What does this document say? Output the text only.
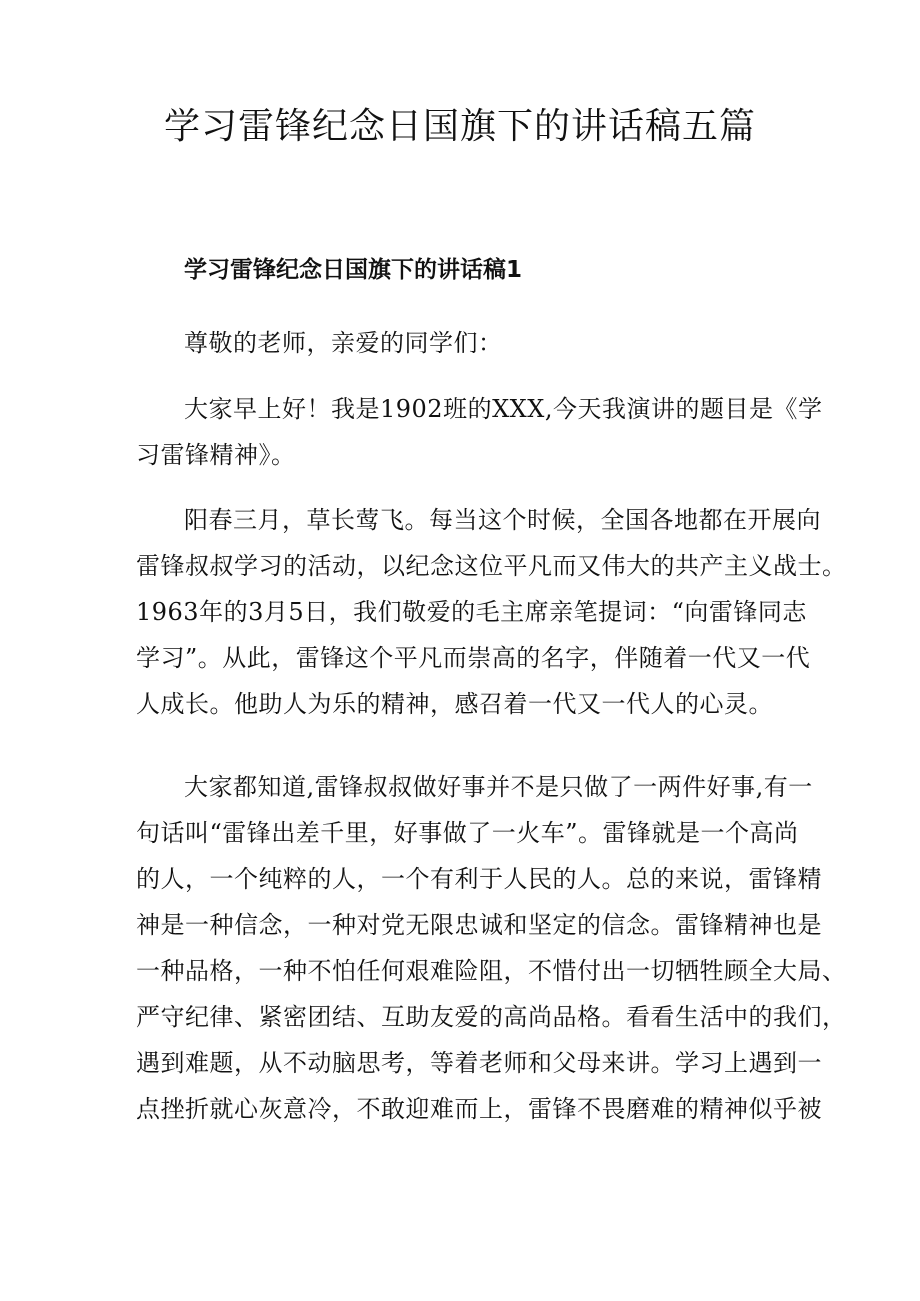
学习雷锋纪念日国旗下的讲话稿五篇
学习雷锋纪念日国旗下的讲话稿1

尊敬的老师，亲爱的同学们：

大家早上好！我是1902班的XXX,今天我演讲的题目是《学
习雷锋精神》。

阳春三月，草长莺飞。每当这个时候，全国各地都在开展向
雷锋叔叔学习的活动，以纪念这位平凡而又伟大的共产主义战士。
1963年的3月5日，我们敬爱的毛主席亲笔提词：“向雷锋同志
学习”。从此，雷锋这个平凡而崇高的名字，伴随着一代又一代
人成长。他助人为乐的精神，感召着一代又一代人的心灵。

大家都知道,雷锋叔叔做好事并不是只做了一两件好事,有一
句话叫“雷锋出差千里，好事做了一火车”。雷锋就是一个高尚
的人，一个纯粹的人，一个有利于人民的人。总的来说，雷锋精
神是一种信念，一种对党无限忠诚和坚定的信念。雷锋精神也是
一种品格，一种不怕任何艰难险阻，不惜付出一切牺牲顾全大局、
严守纪律、紧密团结、互助友爱的高尚品格。看看生活中的我们，
遇到难题，从不动脑思考，等着老师和父母来讲。学习上遇到一
点挫折就心灰意冷，不敢迎难而上，雷锋不畏磨难的精神似乎被
